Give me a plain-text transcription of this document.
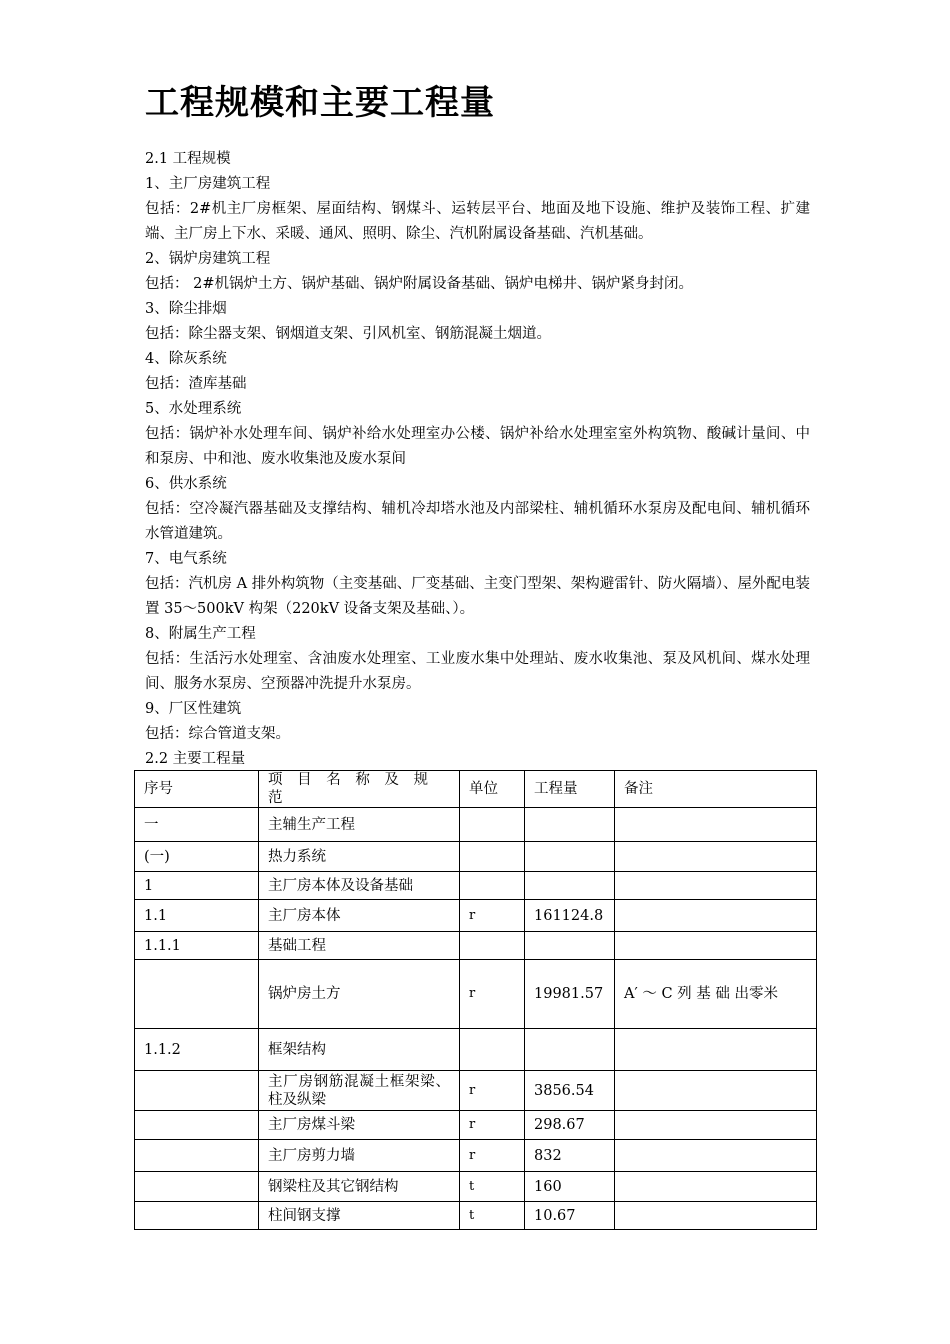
工程规模和主要工程量

2.1 工程规模

1、主厂房建筑工程

包括：2#机主厂房框架、屋面结构、钢煤斗、运转层平台、地面及地下设施、维护及装饰工程、扩建端、主厂房上下水、采暖、通风、照明、除尘、汽机附属设备基础、汽机基础。

2、锅炉房建筑工程

包括： 2#机锅炉土方、锅炉基础、锅炉附属设备基础、锅炉电梯井、锅炉紧身封闭。

3、除尘排烟

包括：除尘器支架、钢烟道支架、引风机室、钢筋混凝土烟道。

4、除灰系统

包括：渣库基础

5、水处理系统

包括：锅炉补水处理车间、锅炉补给水处理室办公楼、锅炉补给水处理室室外构筑物、酸碱计量间、中和泵房、中和池、废水收集池及废水泵间

6、供水系统

包括：空冷凝汽器基础及支撑结构、辅机冷却塔水池及内部梁柱、辅机循环水泵房及配电间、辅机循环水管道建筑。

7、电气系统

包括：汽机房 A 排外构筑物（主变基础、厂变基础、主变门型架、架构避雷针、防火隔墙）、屋外配电装置 35～500kV 构架（220kV 设备支架及基础、）。

8、附属生产工程

包括：生活污水处理室、含油废水处理室、工业废水集中处理站、废水收集池、泵及风机间、煤水处理间、服务水泵房、空预器冲洗提升水泵房。

9、厂区性建筑

包括：综合管道支架。

2.2 主要工程量

序号	项 目 名 称 及 规 范	单位	工程量	备注
一	主辅生产工程			
(一)	热力系统			
1	主厂房本体及设备基础			
1.1	主厂房本体	r	161124.8	
1.1.1	基础工程			
	锅炉房土方	r	19981.57	A′ ～ C 列 基 础 出零米
1.1.2	框架结构			
	主厂房钢筋混凝土框架梁、柱及纵梁	r	3856.54	
	主厂房煤斗梁	r	298.67	
	主厂房剪力墙	r	832	
	钢梁柱及其它钢结构	t	160	
	柱间钢支撑	t	10.67	
